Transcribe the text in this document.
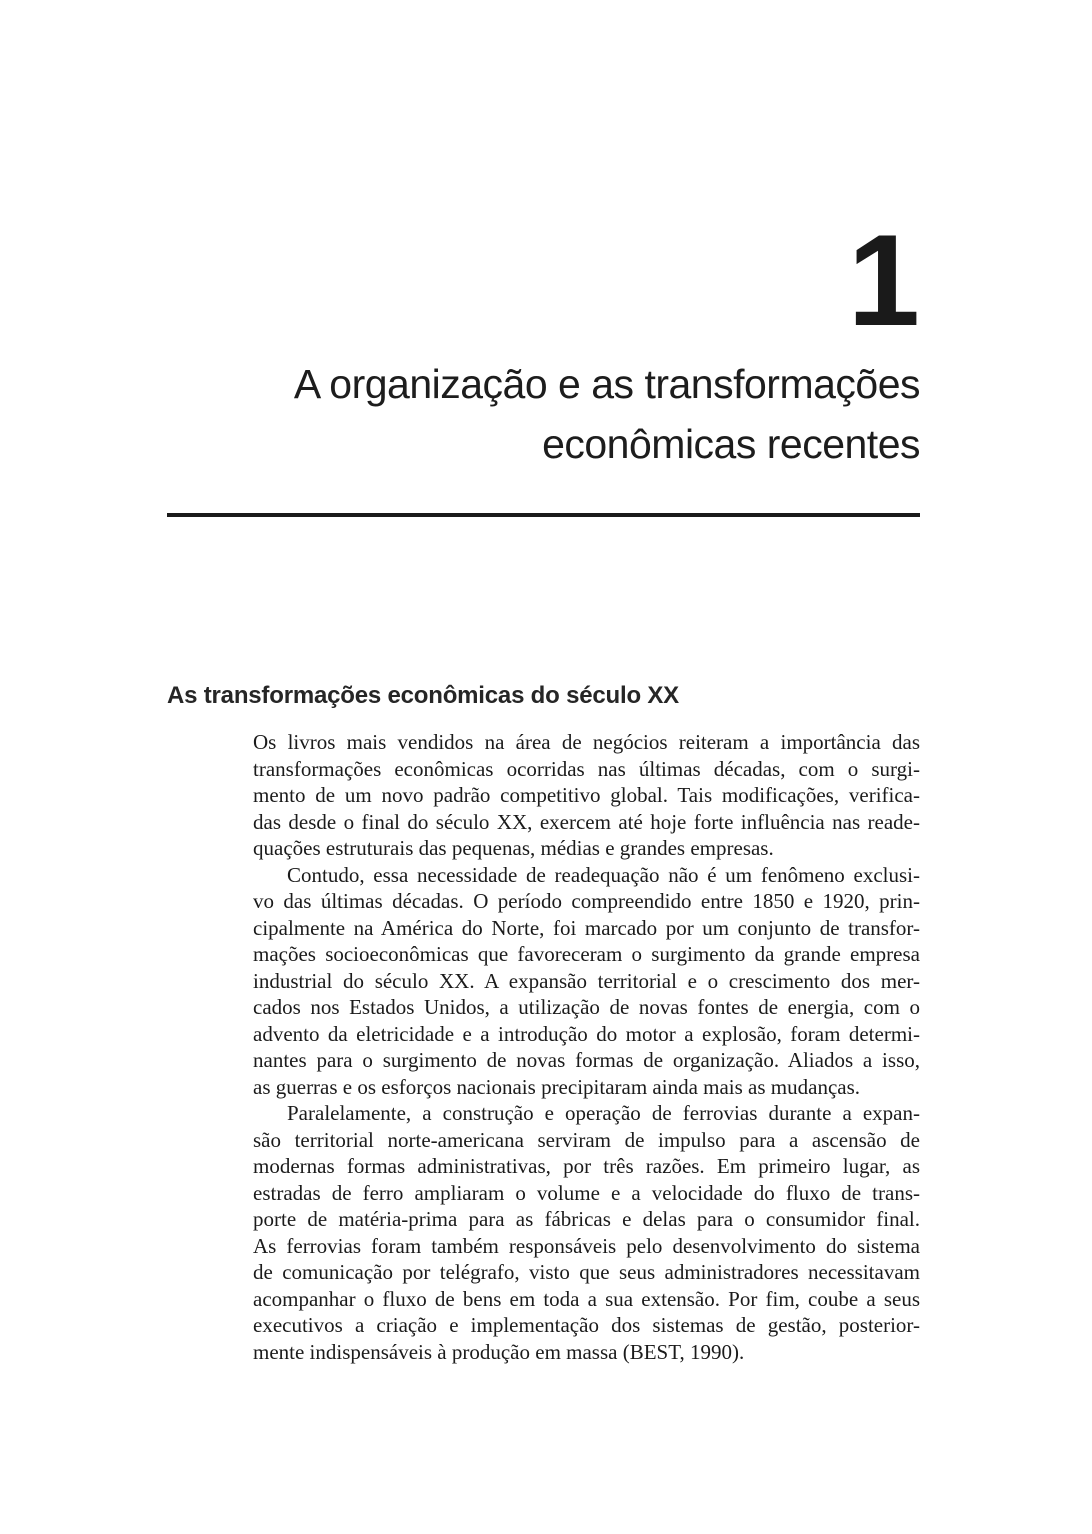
1
A organização e as transformações
econômicas recentes
As transformações econômicas do século XX
Os livros mais vendidos na área de negócios reiteram a importância das
transformações econômicas ocorridas nas últimas décadas, com o surgi-
mento de um novo padrão competitivo global. Tais modificações, verifica-
das desde o final do século XX, exercem até hoje forte influência nas reade-
quações estruturais das pequenas, médias e grandes empresas.
Contudo, essa necessidade de readequação não é um fenômeno exclusi-
vo das últimas décadas. O período compreendido entre 1850 e 1920, prin-
cipalmente na América do Norte, foi marcado por um conjunto de transfor-
mações socioeconômicas que favoreceram o surgimento da grande empresa
industrial do século XX. A expansão territorial e o crescimento dos mer-
cados nos Estados Unidos, a utilização de novas fontes de energia, com o
advento da eletricidade e a introdução do motor a explosão, foram determi-
nantes para o surgimento de novas formas de organização. Aliados a isso,
as guerras e os esforços nacionais precipitaram ainda mais as mudanças.
Paralelamente, a construção e operação de ferrovias durante a expan-
são territorial norte-americana serviram de impulso para a ascensão de
modernas formas administrativas, por três razões. Em primeiro lugar, as
estradas de ferro ampliaram o volume e a velocidade do fluxo de trans-
porte de matéria-prima para as fábricas e delas para o consumidor final.
As ferrovias foram também responsáveis pelo desenvolvimento do sistema
de comunicação por telégrafo, visto que seus administradores necessitavam
acompanhar o fluxo de bens em toda a sua extensão. Por fim, coube a seus
executivos a criação e implementação dos sistemas de gestão, posterior-
mente indispensáveis à produção em massa (BEST, 1990).
